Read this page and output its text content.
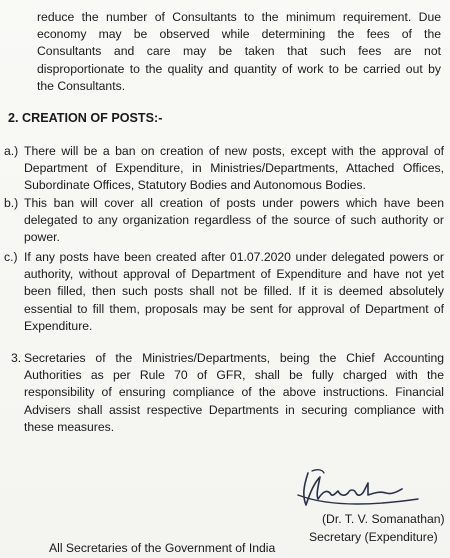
reduce the number of Consultants to the minimum requirement. Due
economy may be observed while determining the fees of the
Consultants and care may be taken that such fees are not
disproportionate to the quality and quantity of work to be carried out by
the Consultants.
2. CREATION OF POSTS:-
a.) There will be a ban on creation of new posts, except with the approval of
Department of Expenditure, in Ministries/Departments, Attached Offices,
Subordinate Offices, Statutory Bodies and Autonomous Bodies.
b.) This ban will cover all creation of posts under powers which have been
delegated to any organization regardless of the source of such authority or
power.
c.) If any posts have been created after 01.07.2020 under delegated powers or
authority, without approval of Department of Expenditure and have not yet
been filled, then such posts shall not be filled. If it is deemed absolutely
essential to fill them, proposals may be sent for approval of Department of
Expenditure.
3. Secretaries of the Ministries/Departments, being the Chief Accounting
Authorities as per Rule 70 of GFR, shall be fully charged with the
responsibility of ensuring compliance of the above instructions. Financial
Advisers shall assist respective Departments in securing compliance with
these measures.
(Dr. T. V. Somanathan)
Secretary (Expenditure)
All Secretaries of the Government of India
